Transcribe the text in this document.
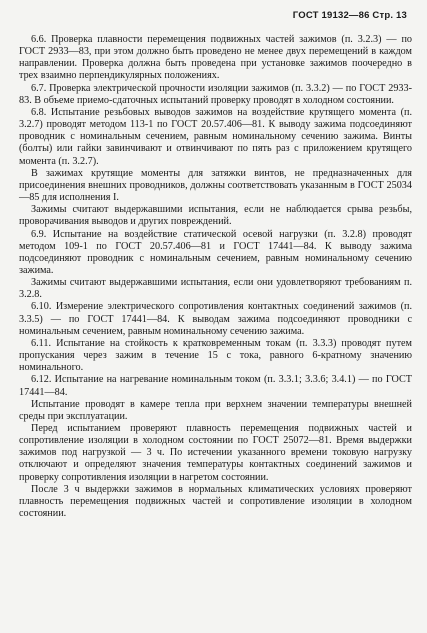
ГОСТ 19132—86 Стр. 13

6.6. Проверка плавности перемещения подвижных частей зажимов (п. 3.2.3) — по ГОСТ 2933—83, при этом должно быть проведено не менее двух перемещений в каждом направлении. Проверка должна быть проведена при установке зажимов поочередно в трех взаимно перпендикулярных положениях.

6.7. Проверка электрической прочности изоляции зажимов (п. 3.3.2) — по ГОСТ 2933-83. В объеме приемо-сдаточных испытаний проверку проводят в холодном состоянии.

6.8. Испытание резьбовых выводов зажимов на воздействие крутящего момента (п. 3.2.7) проводят методом 113-1 по ГОСТ 20.57.406—81. К выводу зажима подсоединяют проводник с номинальным сечением, равным номинальному сечению зажима. Винты (болты) или гайки завинчивают и отвинчивают по пять раз с приложением крутящего момента (п. 3.2.7).

В зажимах крутящие моменты для затяжки винтов, не предназначенных для присоединения внешних проводников, должны соответствовать указанным в ГОСТ 25034—85 для исполнения I.

Зажимы считают выдержавшими испытания, если не наблюдается срыва резьбы, проворачивания выводов и других повреждений.

6.9. Испытание на воздействие статической осевой нагрузки (п. 3.2.8) проводят методом 109-1 по ГОСТ 20.57.406—81 и ГОСТ 17441—84. К выводу зажима подсоединяют проводник с номинальным сечением, равным номинальному сечению зажима.

Зажимы считают выдержавшими испытания, если они удовлетворяют требованиям п. 3.2.8.

6.10. Измерение электрического сопротивления контактных соединений зажимов (п. 3.3.5) — по ГОСТ 17441—84. К выводам зажима подсоединяют проводники с номинальным сечением, равным номинальному сечению зажима.

6.11. Испытание на стойкость к кратковременным токам (п. 3.3.3) проводят путем пропускания через зажим в течение 15 с тока, равного 6-кратному значению номинального.

6.12. Испытание на нагревание номинальным током (п. 3.3.1; 3.3.6; 3.4.1) — по ГОСТ 17441—84.

Испытание проводят в камере тепла при верхнем значении температуры внешней среды при эксплуатации.

Перед испытанием проверяют плавность перемещения подвижных частей и сопротивление изоляции в холодном состоянии по ГОСТ 25072—81. Время выдержки зажимов под нагрузкой — 3 ч. По истечении указанного времени токовую нагрузку отключают и определяют значения температуры контактных соединений зажимов и проверку сопротивления изоляции в нагретом состоянии.

После 3 ч выдержки зажимов в нормальных климатических условиях проверяют плавность перемещения подвижных частей и сопротивление изоляции в холодном состоянии.
